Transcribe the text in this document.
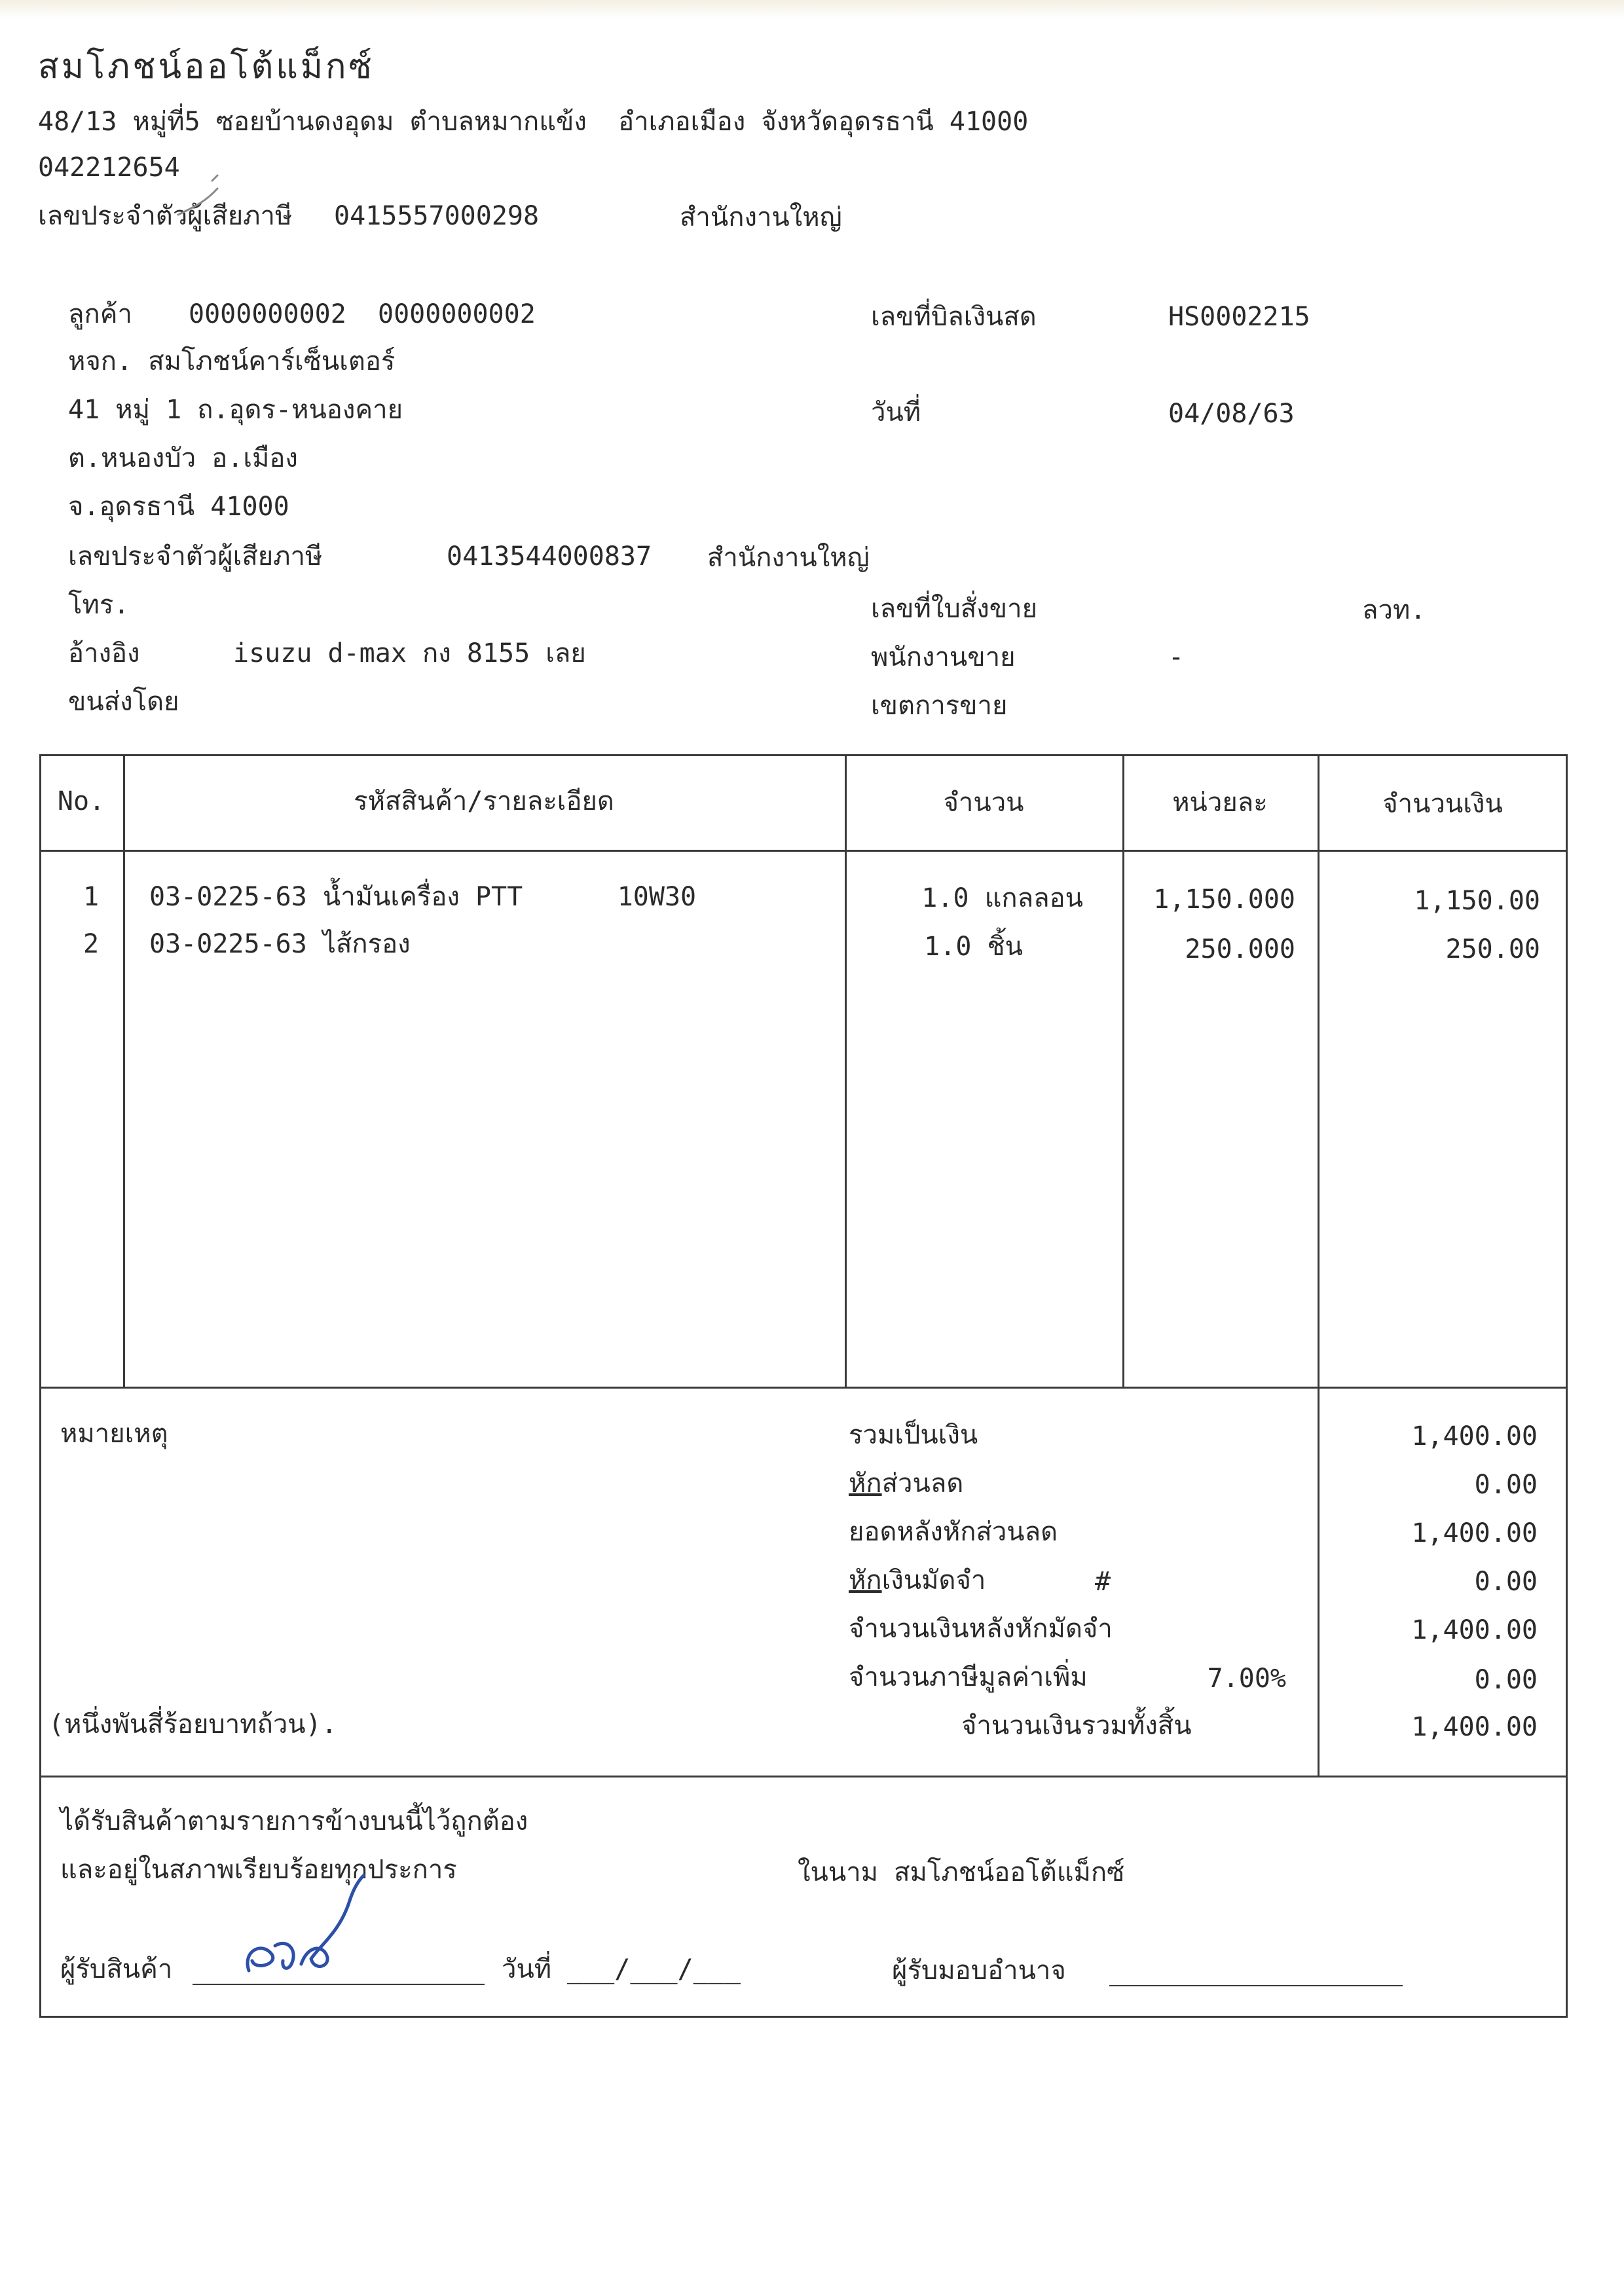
สมโภชน์ออโต้แม็กซ์
48/13 หมู่ที่5 ซอยบ้านดงอุดม ตำบลหมากแข้ง  อำเภอเมือง จังหวัดอุดรธานี 41000
042212654
เลขประจำตัวผู้เสียภาษี 0415557000298	สำนักงานใหญ่
ลูกค้า 0000000002  0000000002
หจก. สมโภชน์คาร์เซ็นเตอร์
41 หมู่ 1 ถ.อุดร-หนองคาย
ต.หนองบัว อ.เมือง
จ.อุดรธานี 41000
เลขประจำตัวผู้เสียภาษี	0413544000837 สำนักงานใหญ่
โทร.
อ้างอิง	isuzu d-max กง 8155 เลย
ขนส่งโดย
เลขที่บิลเงินสด	HS0002215
วันที่	04/08/63
เลขที่ใบสั่งขาย	ลวท.
พนักงานขาย	-
เขตการขาย
No.	รหัสสินค้า/รายละเอียด	จำนวน	หน่วยละ	จำนวนเงิน
1	03-0225-63 น้ำมันเครื่อง PTT      10W30	1.0 แกลลอน	1,150.000	1,150.00
2	03-0225-63 ไส้กรอง	1.0 ชิ้น	250.000	250.00
หมายเหตุ
(หนึ่งพันสี่ร้อยบาทถ้วน).
รวมเป็นเงิน	1,400.00
หักส่วนลด	0.00
ยอดหลังหักส่วนลด	1,400.00
หักเงินมัดจำ	#	0.00
จำนวนเงินหลังหักมัดจำ	1,400.00
จำนวนภาษีมูลค่าเพิ่ม	7.00%	0.00
จำนวนเงินรวมทั้งสิ้น	1,400.00
ได้รับสินค้าตามรายการข้างบนนี้ไว้ถูกต้อง
และอยู่ในสภาพเรียบร้อยทุกประการ	ในนาม สมโภชน์ออโต้แม็กซ์
ผู้รับสินค้า	วันที่ ___/___/___	ผู้รับมอบอำนาจ
